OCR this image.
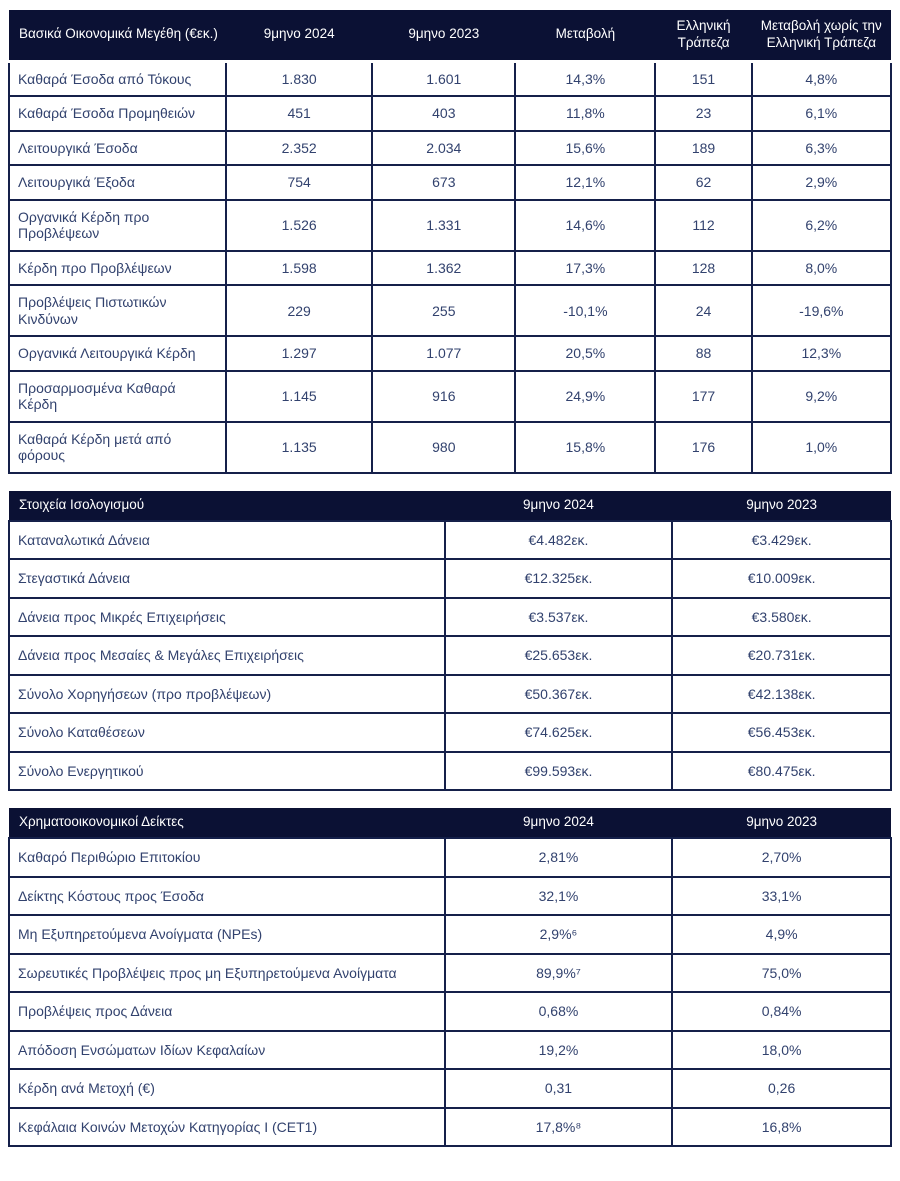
Βασικά Οικονομικά Μεγέθη (€εκ.)	9μηνο 2024	9μηνο 2023	Μεταβολή	Ελληνική Τράπεζα	Μεταβολή χωρίς την Ελληνική Τράπεζα
Καθαρά Έσοδα από Τόκους	1.830	1.601	14,3%	151	4,8%
Καθαρά Έσοδα Προμηθειών	451	403	11,8%	23	6,1%
Λειτουργικά Έσοδα	2.352	2.034	15,6%	189	6,3%
Λειτουργικά Έξοδα	754	673	12,1%	62	2,9%
Οργανικά Κέρδη προ Προβλέψεων	1.526	1.331	14,6%	112	6,2%
Κέρδη προ Προβλέψεων	1.598	1.362	17,3%	128	8,0%
Προβλέψεις Πιστωτικών Κινδύνων	229	255	-10,1%	24	-19,6%
Οργανικά Λειτουργικά Κέρδη	1.297	1.077	20,5%	88	12,3%
Προσαρμοσμένα Καθαρά Κέρδη	1.145	916	24,9%	177	9,2%
Καθαρά Κέρδη μετά από φόρους	1.135	980	15,8%	176	1,0%
Στοιχεία Ισολογισμού	9μηνο 2024	9μηνο 2023
Καταναλωτικά Δάνεια	€4.482εκ.	€3.429εκ.
Στεγαστικά Δάνεια	€12.325εκ.	€10.009εκ.
Δάνεια προς Μικρές Επιχειρήσεις	€3.537εκ.	€3.580εκ.
Δάνεια προς Μεσαίες & Μεγάλες Επιχειρήσεις	€25.653εκ.	€20.731εκ.
Σύνολο Χορηγήσεων (προ προβλέψεων)	€50.367εκ.	€42.138εκ.
Σύνολο Καταθέσεων	€74.625εκ.	€56.453εκ.
Σύνολο Ενεργητικού	€99.593εκ.	€80.475εκ.
Χρηματοοικονομικοί Δείκτες	9μηνο 2024	9μηνο 2023
Καθαρό Περιθώριο Επιτοκίου	2,81%	2,70%
Δείκτης Κόστους προς Έσοδα	32,1%	33,1%
Μη Εξυπηρετούμενα Ανοίγματα (NPEs)	2,9%⁶	4,9%
Σωρευτικές Προβλέψεις προς μη Εξυπηρετούμενα Ανοίγματα	89,9%⁷	75,0%
Προβλέψεις προς Δάνεια	0,68%	0,84%
Απόδοση Ενσώματων Ιδίων Κεφαλαίων	19,2%	18,0%
Κέρδη ανά Μετοχή (€)	0,31	0,26
Κεφάλαια Κοινών Μετοχών Κατηγορίας I (CET1)	17,8%⁸	16,8%
